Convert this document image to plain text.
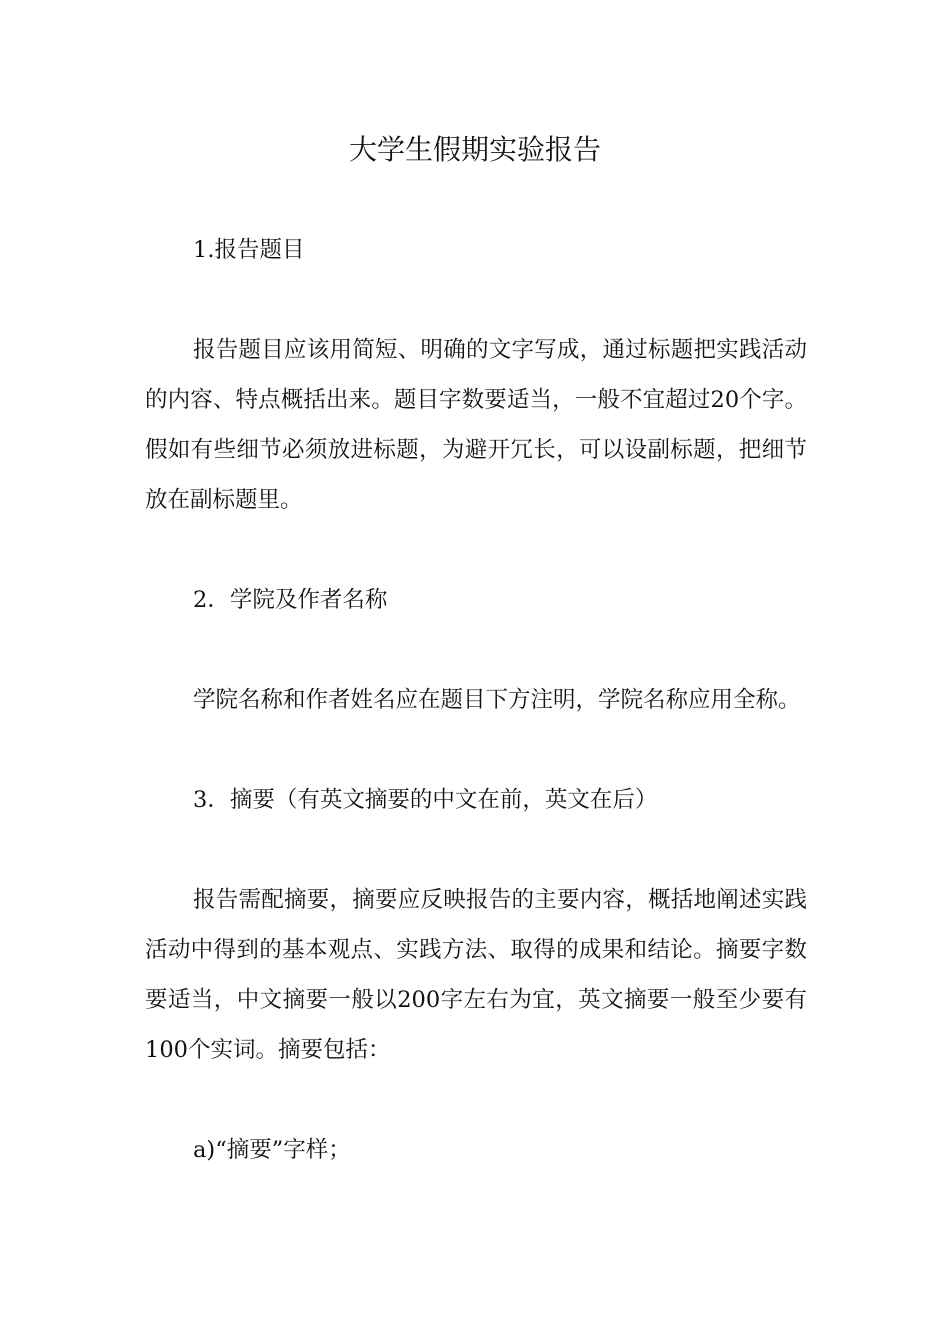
大学生假期实验报告

1.报告题目

报告题目应该用简短、明确的文字写成，通过标题把实践活动的内容、特点概括出来。题目字数要适当，一般不宜超过20个字。假如有些细节必须放进标题，为避开冗长，可以设副标题，把细节放在副标题里。

2．学院及作者名称

学院名称和作者姓名应在题目下方注明，学院名称应用全称。

3．摘要（有英文摘要的中文在前，英文在后）

报告需配摘要，摘要应反映报告的主要内容，概括地阐述实践活动中得到的基本观点、实践方法、取得的成果和结论。摘要字数要适当，中文摘要一般以200字左右为宜，英文摘要一般至少要有100个实词。摘要包括：

a)“摘要”字样；
